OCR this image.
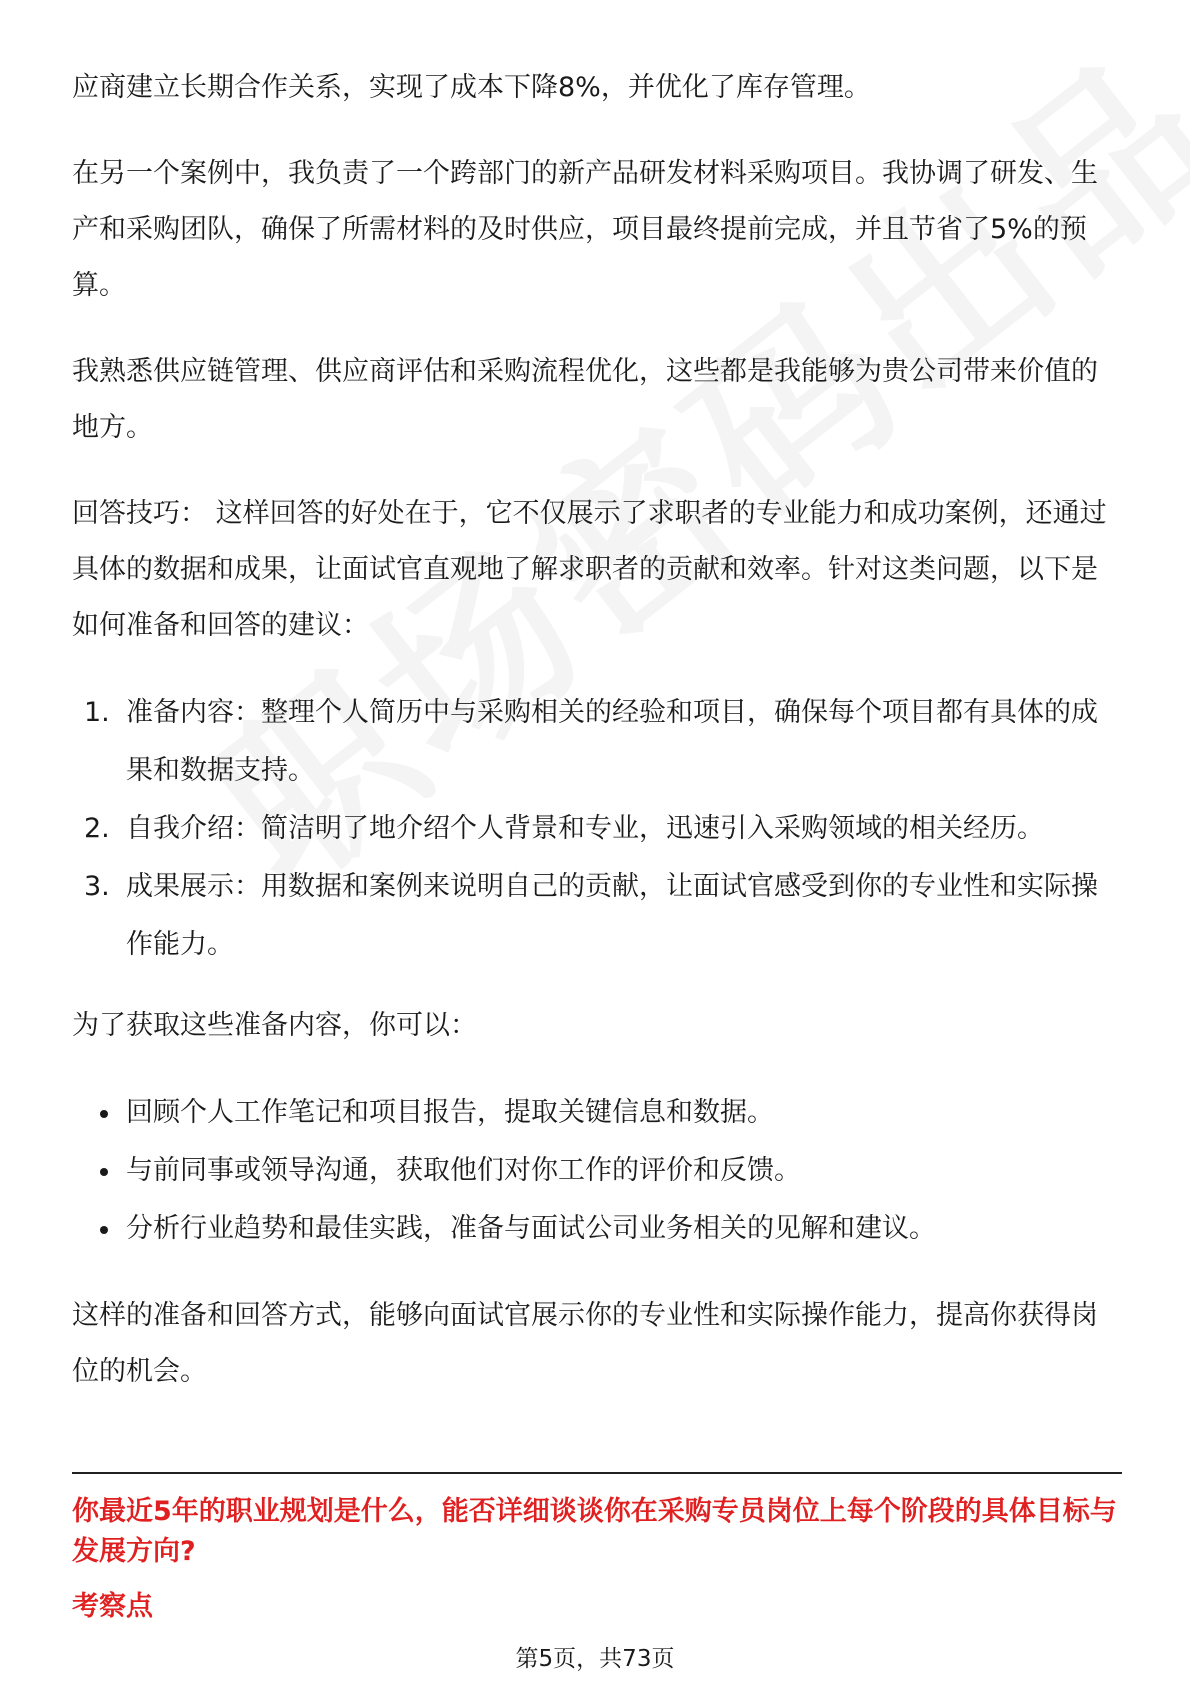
应商建立长期合作关系，实现了成本下降8%，并优化了库存管理。

在另一个案例中，我负责了一个跨部门的新产品研发材料采购项目。我协调了研发、生产和采购团队，确保了所需材料的及时供应，项目最终提前完成，并且节省了5%的预算。

我熟悉供应链管理、供应商评估和采购流程优化，这些都是我能够为贵公司带来价值的地方。

回答技巧： 这样回答的好处在于，它不仅展示了求职者的专业能力和成功案例，还通过具体的数据和成果，让面试官直观地了解求职者的贡献和效率。针对这类问题，以下是如何准备和回答的建议：

1. 准备内容：整理个人简历中与采购相关的经验和项目，确保每个项目都有具体的成果和数据支持。
2. 自我介绍：简洁明了地介绍个人背景和专业，迅速引入采购领域的相关经历。
3. 成果展示：用数据和案例来说明自己的贡献，让面试官感受到你的专业性和实际操作能力。

为了获取这些准备内容，你可以：

回顾个人工作笔记和项目报告，提取关键信息和数据。
与前同事或领导沟通，获取他们对你工作的评价和反馈。
分析行业趋势和最佳实践，准备与面试公司业务相关的见解和建议。

这样的准备和回答方式，能够向面试官展示你的专业性和实际操作能力，提高你获得岗位的机会。

你最近5年的职业规划是什么，能否详细谈谈你在采购专员岗位上每个阶段的具体目标与发展方向?
考察点
第5页，共73页
